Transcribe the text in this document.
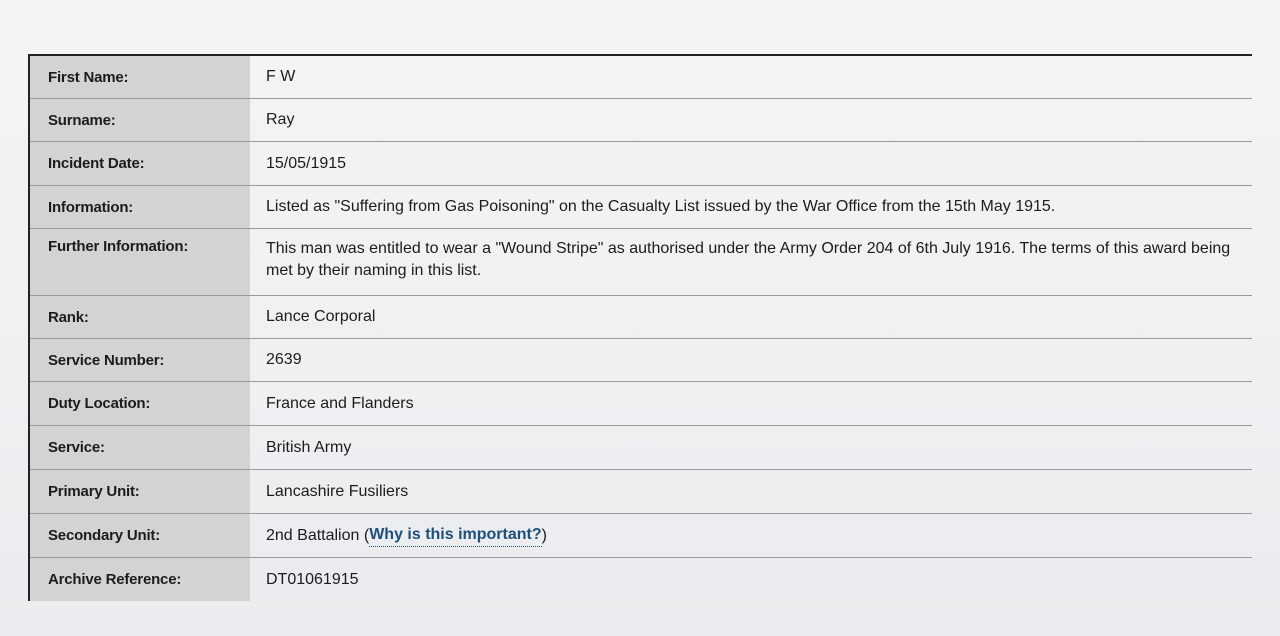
First Name:	F W
Surname:	Ray
Incident Date:	15/05/1915
Information:	Listed as "Suffering from Gas Poisoning" on the Casualty List issued by the War Office from the 15th May 1915.
Further Information:	This man was entitled to wear a "Wound Stripe" as authorised under the Army Order 204 of 6th July 1916. The terms of this award being met by their naming in this list.
Rank:	Lance Corporal
Service Number:	2639
Duty Location:	France and Flanders
Service:	British Army
Primary Unit:	Lancashire Fusiliers
Secondary Unit:	2nd Battalion ( Why is this important? )
Archive Reference:	DT01061915
